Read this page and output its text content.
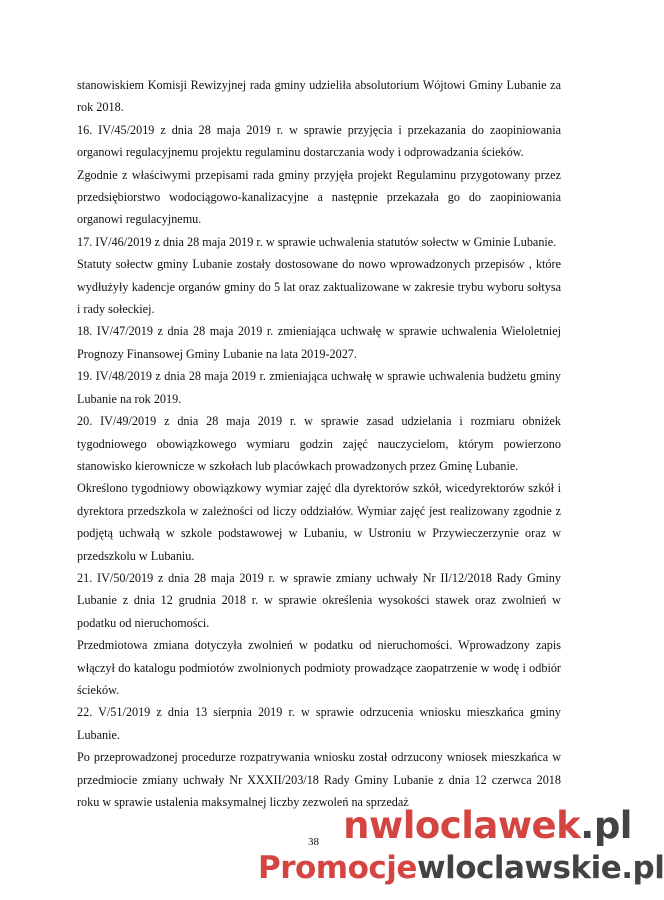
stanowiskiem Komisji Rewizyjnej rada gminy udzieliła absolutorium Wójtowi Gminy Lubanie za rok 2018.

16. IV/45/2019 z dnia 28 maja 2019 r. w sprawie przyjęcia i przekazania do zaopiniowania organowi regulacyjnemu projektu regulaminu dostarczania wody i odprowadzania ścieków.

Zgodnie z właściwymi przepisami rada gminy przyjęła projekt Regulaminu przygotowany przez przedsiębiorstwo wodociągowo-kanalizacyjne a następnie przekazała go do zaopiniowania organowi regulacyjnemu.

17. IV/46/2019 z dnia 28 maja 2019 r. w sprawie uchwalenia statutów sołectw w Gminie Lubanie.

Statuty sołectw gminy Lubanie zostały dostosowane do nowo wprowadzonych przepisów , które wydłużyły kadencje organów gminy do 5 lat oraz zaktualizowane w zakresie trybu wyboru sołtysa i rady sołeckiej.

18. IV/47/2019 z dnia 28 maja 2019 r. zmieniająca uchwałę w sprawie uchwalenia Wieloletniej Prognozy Finansowej Gminy Lubanie na lata 2019-2027.

19. IV/48/2019 z dnia 28 maja 2019 r. zmieniająca uchwałę w sprawie uchwalenia budżetu gminy Lubanie na rok 2019.

20. IV/49/2019 z dnia 28 maja 2019 r. w sprawie zasad udzielania i rozmiaru obniżek tygodniowego obowiązkowego wymiaru godzin zajęć nauczycielom, którym powierzono stanowisko kierownicze w szkołach lub placówkach prowadzonych przez Gminę Lubanie.

Określono tygodniowy obowiązkowy wymiar zajęć dla dyrektorów szkół, wicedyrektorów szkół i dyrektora przedszkola w zależności od liczy oddziałów. Wymiar zajęć jest realizowany zgodnie z podjętą uchwałą w szkole podstawowej w Lubaniu, w Ustroniu w Przywieczerzynie oraz w przedszkolu w Lubaniu.

21. IV/50/2019 z dnia 28 maja 2019 r. w sprawie zmiany uchwały Nr II/12/2018 Rady Gminy Lubanie z dnia 12 grudnia 2018 r. w sprawie określenia wysokości stawek oraz zwolnień w podatku od nieruchomości.

Przedmiotowa zmiana dotyczyła zwolnień w podatku od nieruchomości. Wprowadzony zapis włączył do katalogu podmiotów zwolnionych podmioty prowadzące zaopatrzenie w wodę i odbiór ścieków.

22. V/51/2019 z dnia 13 sierpnia 2019 r. w sprawie odrzucenia wniosku mieszkańca gminy Lubanie.

Po przeprowadzonej procedurze rozpatrywania wniosku został odrzucony wniosek mieszkańca w przedmiocie zmiany uchwały Nr XXXII/203/18 Rady Gminy Lubanie z dnia 12 czerwca 2018 roku w sprawie ustalenia maksymalnej liczby zezwoleń na sprzedaż

38 nwloclawek.pl
Promocjewloclawskie.pl
